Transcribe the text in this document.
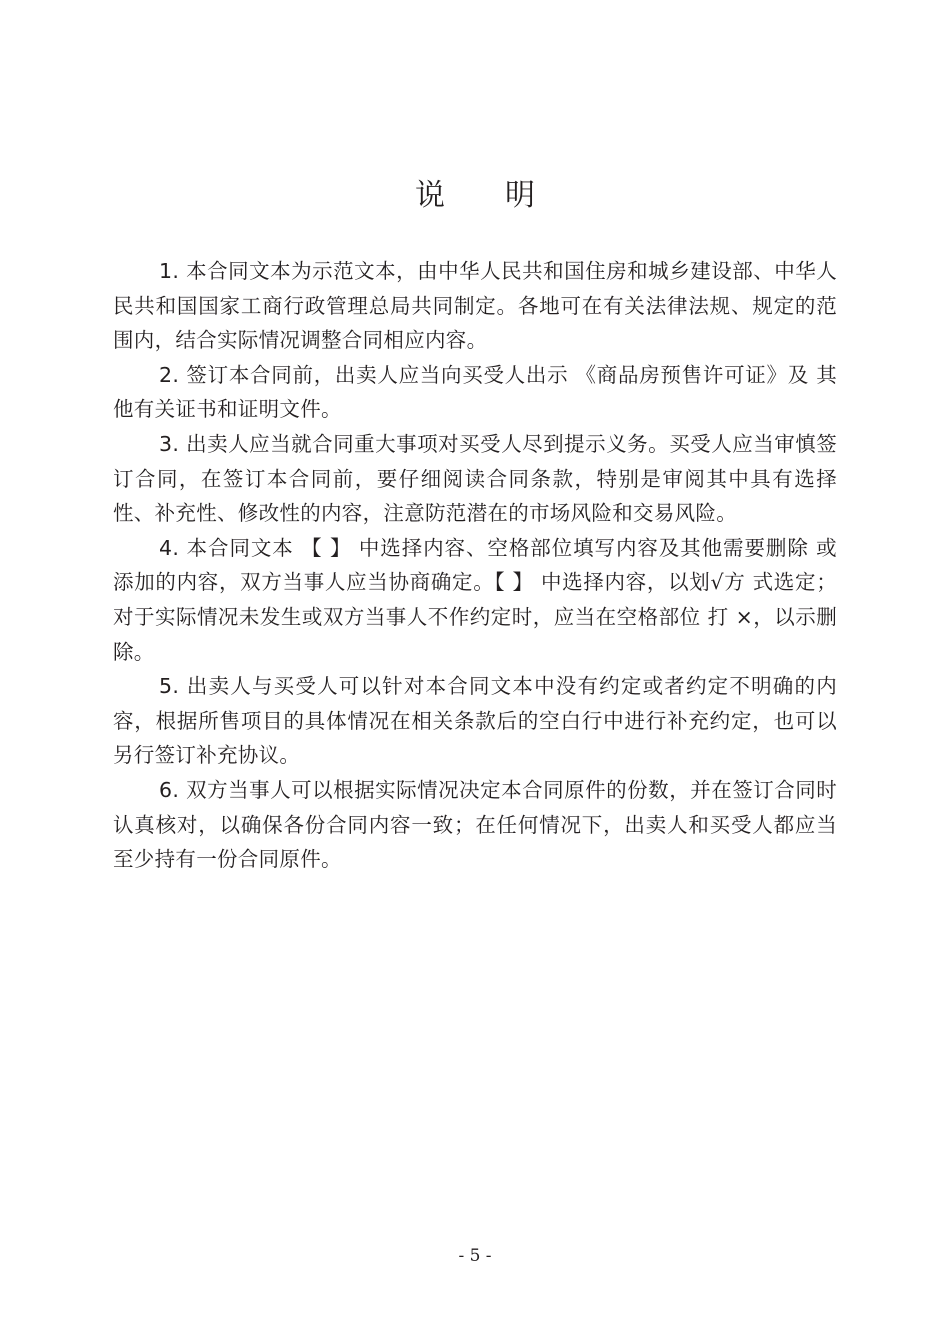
说明

1. 本合同文本为示范文本，由中华人民共和国住房和城乡建设部、中华人民共和国国家工商行政管理总局共同制定。各地可在有关法律法规、规定的范围内，结合实际情况调整合同相应内容。

2. 签订本合同前，出卖人应当向买受人出示 《商品房预售许可证》及 其他有关证书和证明文件。

3. 出卖人应当就合同重大事项对买受人尽到提示义务。买受人应当审慎签订合同，在签订本合同前，要仔细阅读合同条款，特别是审阅其中具有选择性、补充性、修改性的内容，注意防范潜在的市场风险和交易风险。

4. 本合同文本 【 】 中选择内容、空格部位填写内容及其他需要删除 或添加的内容，双方当事人应当协商确定。【 】 中选择内容，以划√方 式选定；对于实际情况未发生或双方当事人不作约定时，应当在空格部位 打 ×，以示删除。

5. 出卖人与买受人可以针对本合同文本中没有约定或者约定不明确的内容，根据所售项目的具体情况在相关条款后的空白行中进行补充约定，也可以另行签订补充协议。

6. 双方当事人可以根据实际情况决定本合同原件的份数，并在签订合同时认真核对，以确保各份合同内容一致；在任何情况下，出卖人和买受人都应当至少持有一份合同原件。

- 5 -
